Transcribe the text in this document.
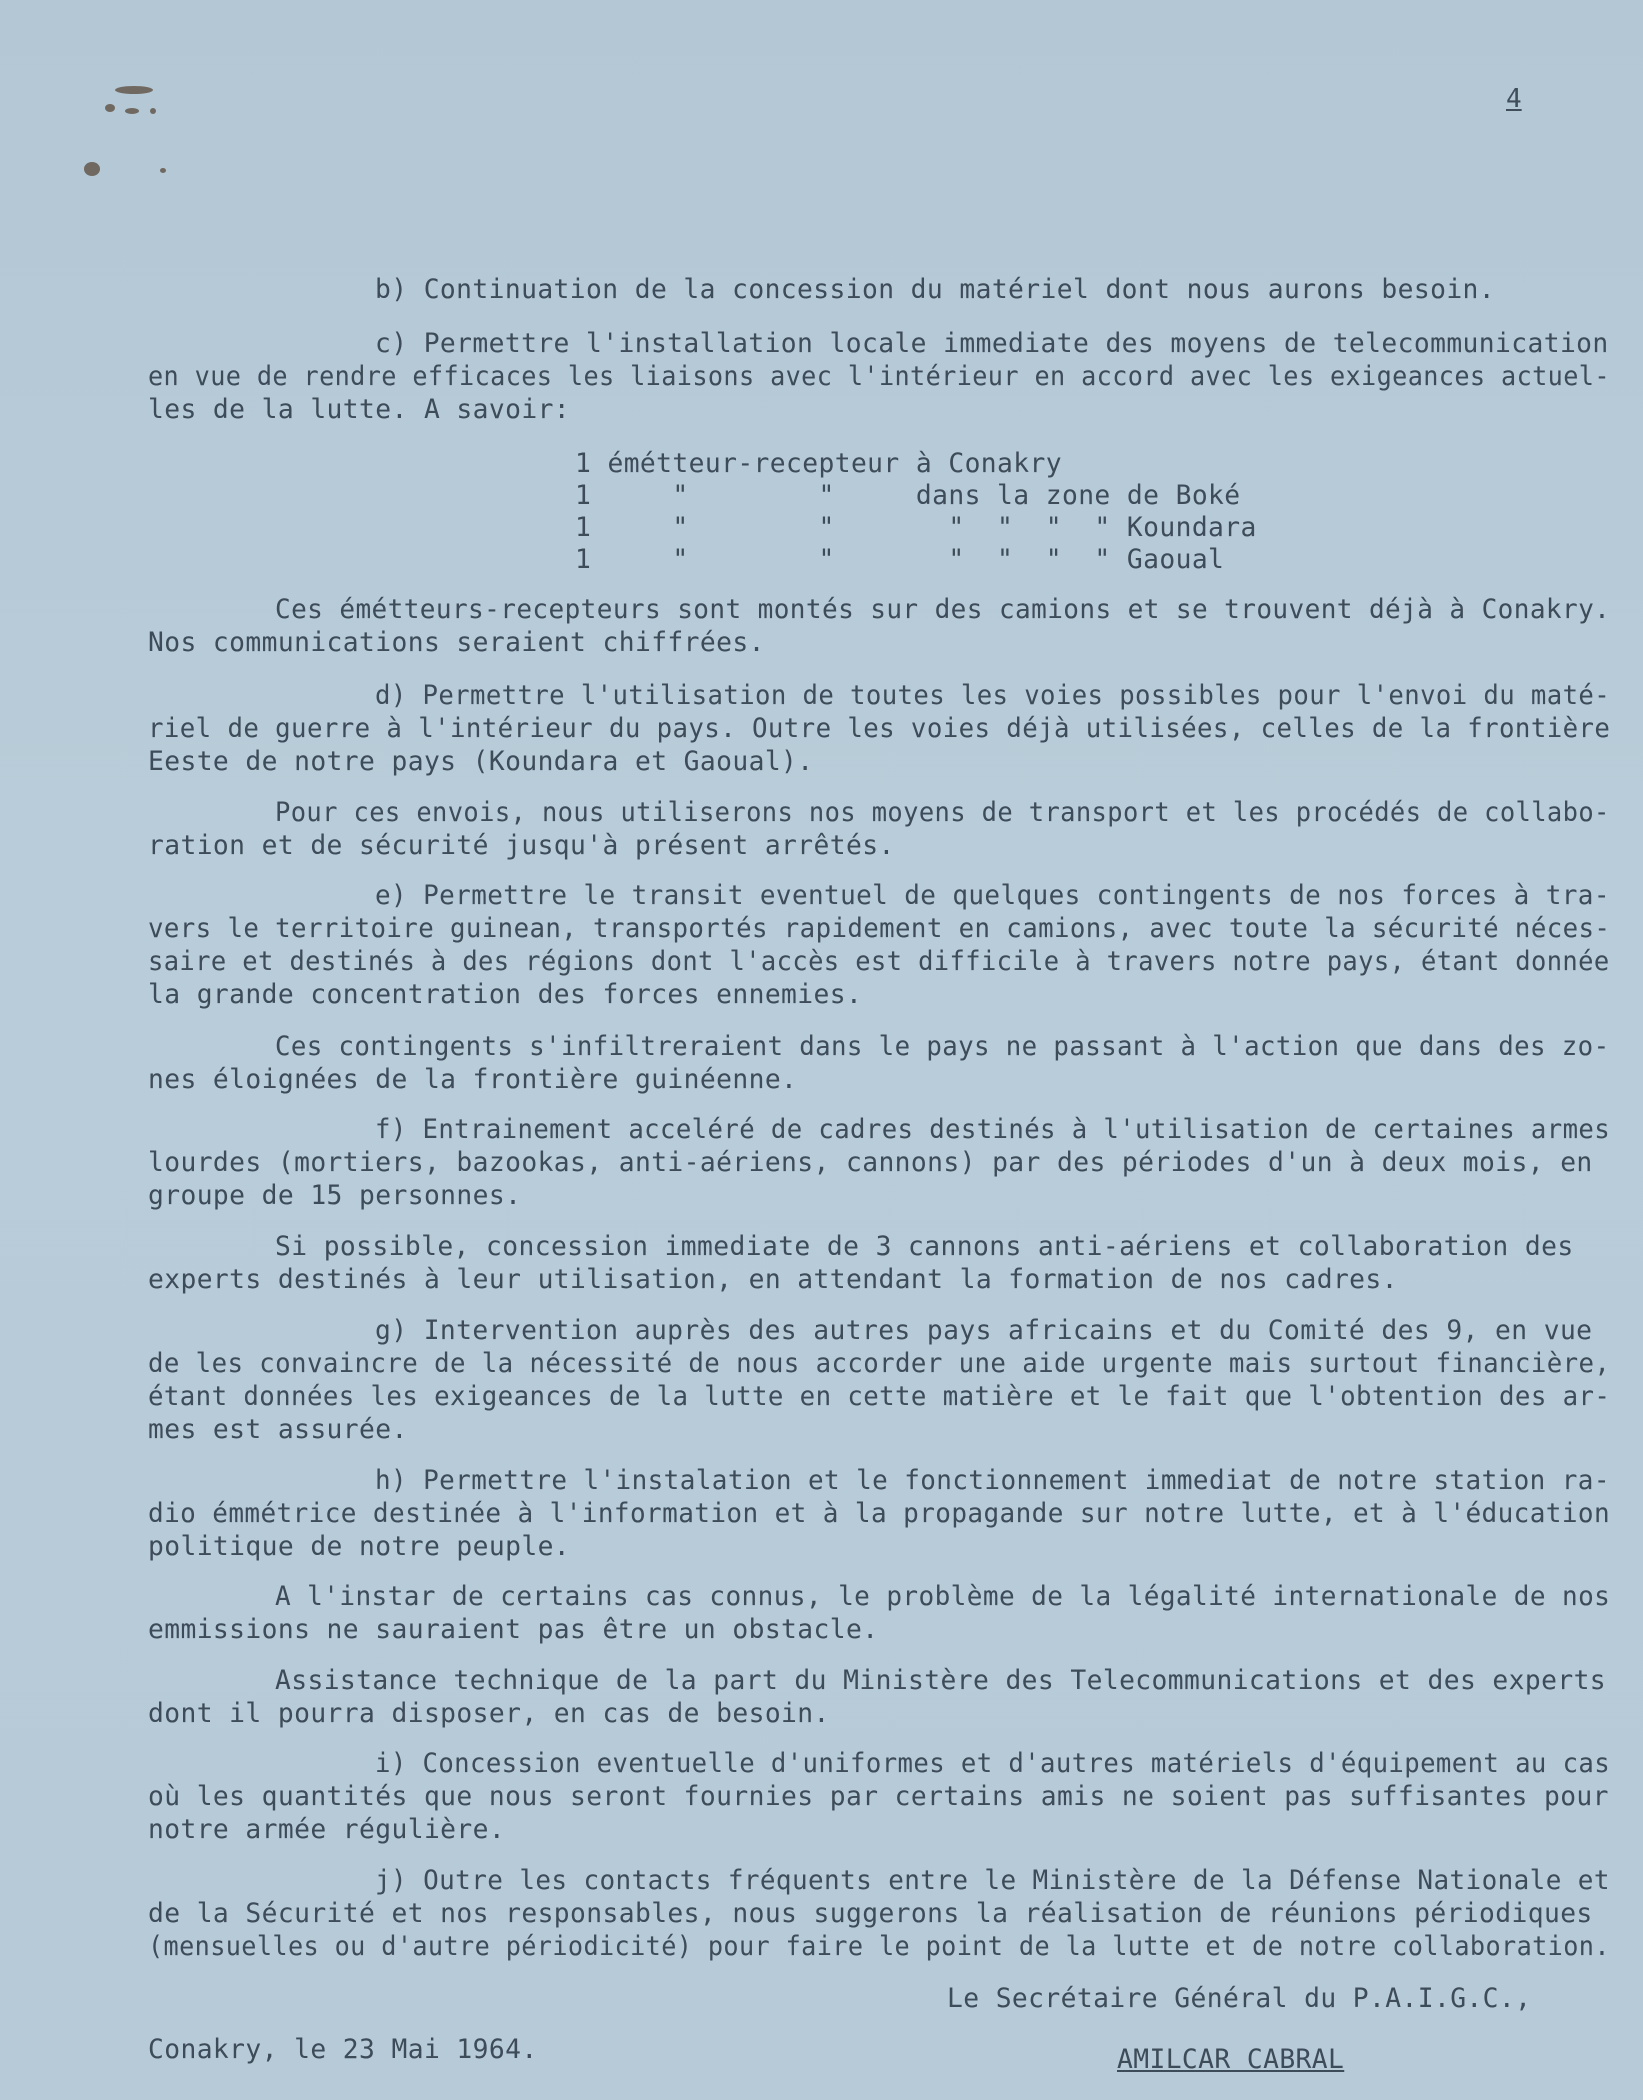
4

b) Continuation de la concession du matériel dont nous aurons besoin.

c) Permettre l'installation locale immediate des moyens de telecommunication

en vue de rendre efficaces les liaisons avec l'intérieur en accord avec les exigeances actuel-

les de la lutte. A savoir:

1 émétteur-recepteur à Conakry

1     "        "     dans la zone de Boké

1     "        "       "  "  "  " Koundara

1     "        "       "  "  "  " Gaoual

Ces émétteurs-recepteurs sont montés sur des camions et se trouvent déjà à Conakry.

Nos communications seraient chiffrées.

d) Permettre l'utilisation de toutes les voies possibles pour l'envoi du maté-

riel de guerre à l'intérieur du pays. Outre les voies déjà utilisées, celles de la frontière

Eeste de notre pays (Koundara et Gaoual).

Pour ces envois, nous utiliserons nos moyens de transport et les procédés de collabo-

ration et de sécurité jusqu'à présent arrêtés.

e) Permettre le transit eventuel de quelques contingents de nos forces à tra-

vers le territoire guinean, transportés rapidement en camions, avec toute la sécurité néces-

saire et destinés à des régions dont l'accès est difficile à travers notre pays, étant donnée

la grande concentration des forces ennemies.

Ces contingents s'infiltreraient dans le pays ne passant à l'action que dans des zo-

nes éloignées de la frontière guinéenne.

f) Entrainement acceléré de cadres destinés à l'utilisation de certaines armes

lourdes (mortiers, bazookas, anti-aériens, cannons) par des périodes d'un à deux mois, en

groupe de 15 personnes.

Si possible, concession immediate de 3 cannons anti-aériens et collaboration des

experts destinés à leur utilisation, en attendant la formation de nos cadres.

g) Intervention auprès des autres pays africains et du Comité des 9, en vue

de les convaincre de la nécessité de nous accorder une aide urgente mais surtout financière,

étant données les exigeances de la lutte en cette matière et le fait que l'obtention des ar-

mes est assurée.

h) Permettre l'instalation et le fonctionnement immediat de notre station ra-

dio émmétrice destinée à l'information et à la propagande sur notre lutte, et à l'éducation

politique de notre peuple.

A l'instar de certains cas connus, le problème de la légalité internationale de nos

emmissions ne sauraient pas être un obstacle.

Assistance technique de la part du Ministère des Telecommunications et des experts

dont il pourra disposer, en cas de besoin.

i) Concession eventuelle d'uniformes et d'autres matériels d'équipement au cas

où les quantités que nous seront fournies par certains amis ne soient pas suffisantes pour

notre armée régulière.

j) Outre les contacts fréquents entre le Ministère de la Défense Nationale et

de la Sécurité et nos responsables, nous suggerons la réalisation de réunions périodiques

(mensuelles ou d'autre périodicité) pour faire le point de la lutte et de notre collaboration.

Le Secrétaire Général du P.A.I.G.C.,

Conakry, le 23 Mai 1964.	AMILCAR CABRAL
